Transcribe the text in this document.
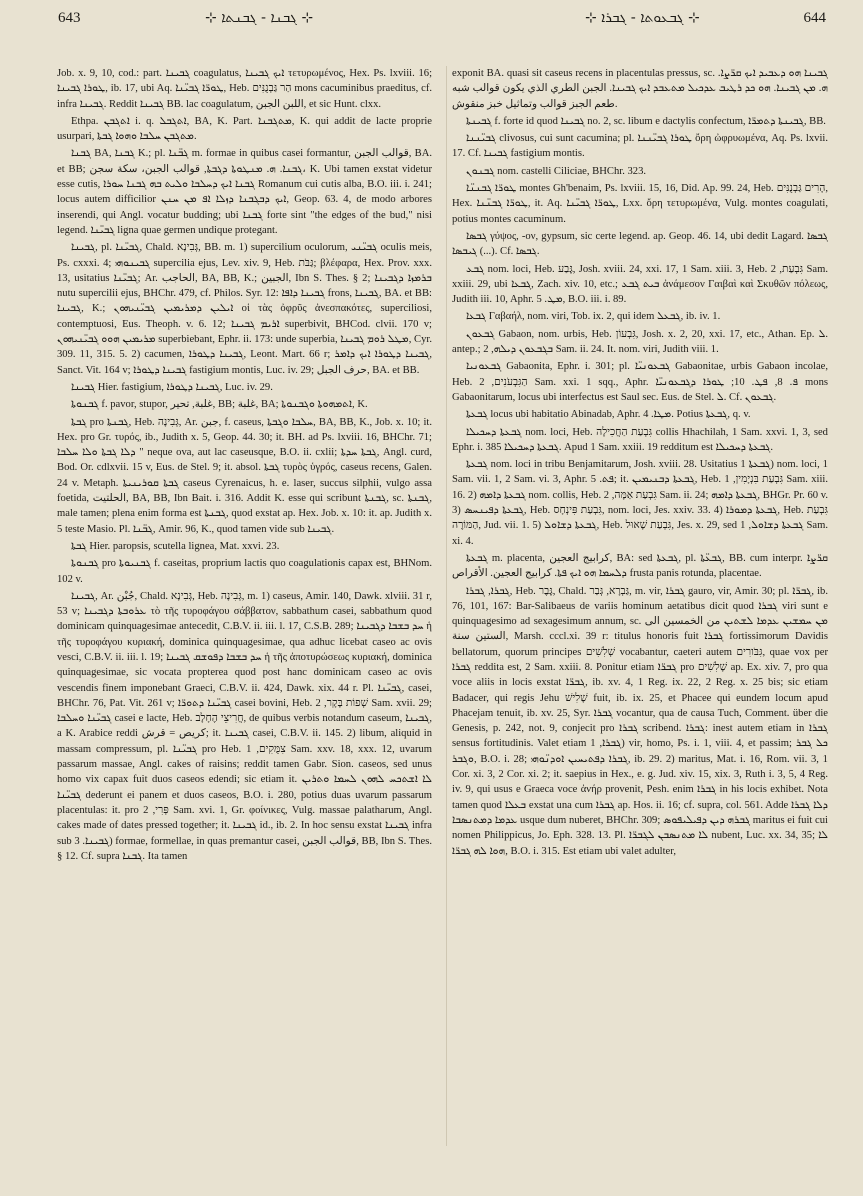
643	⊹ ܓܒܢܐ - ܓܒܢܬܐ ⊹	⊹ ܓܒܥܘܬܐ - ܓܒܪܐ ⊹	644

Job. x. 9, 10, cod.: part. ܓܒܝܢܐ coagulatus, ܐܝܟ ܓܒܝܢܐ τετυρωμένος, Hex. Ps. lxviii. 16; ܛܘܪܐ ܓܒܝܢܐ, ib. 17, ubi Aq. ܛܘܪ̈ܐ ܓܒܝ̈ܢܐ, Heb. הַר גַּבְנֻנִּים mons cacuminibus praeditus, cf. infra ܓܒܝܢܐ. Reddit ܓܒܝܢܐ BB. lac coagulatum, اللبن الجبن, et sic Hunt. clxx.

Ethpa. ܐܬܓܒܢ i. q. ܐܬܓܒܠ, BA, K. Part. ܡܬܓܒܢܐ, K. qui addit de lacte proprie usurpari, ܡܬܓܒܢ ܚܠܒܐ ܘܗܘܐ ܓܒܬܐ.

ܓܒܢܐ BA, ܓܒܢܐ K.; pl. ܓܒ̈ܢܐ m. formae in quibus casei formantur, قوالب الجبن, BA. et BB; ܓܒܢܐ. ܗ. ܡܢܛܘܬܐ ܕܓܒܬܐ, قوالب الجبن، سكة سجن، K. Ubi tamen exstat videtur esse cutis, ܓܒܢܐ ܐܝܟ ܕܚܠܒܐ ܘܠܝܬ ܒܗ ܓܒܢܐ ܚܘܪܐ Romanum cui cutis alba, B.O. iii. i. 241; locus autem difficilior ܐܝܟ ܕܒܓܒܢܐ ܕܙܠܐ ܐܦ ܡܢ ܚܢܢ, Geop. 63. 4, de modo arbores inserendi, qui Angl. vocatur budding; ubi ܓܒܢܐ forte sint "the edges of the bud," nisi legend. ܓܒܝ̈ܢܐ ligna quae germen undique protegant.

ܓܒܝܢܐ, pl. ܓܒܝ̈ܢܐ, Chald. גְּבִינָא, BB. m. 1) supercilium oculorum, ܓܒܝ̈ܢܝ oculis meis, Ps. cxxxi. 4; ܓܒܝܢܘܗܝ supercilia ejus, Lev. xiv. 9, Heb. גַּבֹּת; βλέφαρα, Hex. Prov. xxx. 13, usitatius ܓܒܝ̈ܢܐ; Ar. الحاجب, BA, BB, K.; الجبين, Ibn S. Thes. § 2; ܒܪܡܙܐ ܕܓܒܝܢܐ nutu supercilii ejus, BHChr. 479, cf. Philos. Syr. 12: ܓܒܝܢܐ ܕܐܦܐ frons, ܓܒܝܢܐ, BA. et BB: ܓܒܝܢܐ, K.; ܐܝܠܝܢ ܕܡܪܝܡܝܢ ܓܒܝ̈ܢܝܗܘܢ οἱ τὰς ὀφρῦς ἀνεσπακότες, superciliosi, contemptuosi, Eus. Theoph. v. 6. 12; ܐܪܝܡ ܓܒܝܢܐ superbivit, BHCod. clvii. 170 v; ܡܪܝܡܝܢ ܗܘܘ ܓܒܝ̈ܢܝܗܘܢ superbiebant, Ephr. ii. 173: unde superbia, ܡܛܠ ܪܘܡ ܓܒܝܢܐ, Cyr. 309. 11, 315. 5. 2) cacumen, ܓܒܝܢܐ ܕܛܘܪܐ, Leont. Mart. 66 r; ܓܒܝܢܐ ܕܛܘܪܐ ܐܝܟ ܕܐܡܪ, Sanct. Vit. 164 v; ܓܒܝܢܐ ܕܛܘܪܐ fastigium montis, Luc. iv. 29; حرف الجبل, BA. et BB.

ܓܒܝܢܐ Hier. fastigium, ܓܒܝܢܐ ܕܛܘܪܐ, Luc. iv. 29.

ܓܒܢܘܬܐ f. pavor, stupor, غلبة, تحير, BB; غلبة, BA; ܐܬܡܗܘܬܐ ܘܓܒܢܘܬܐ, K.

ܓܒܬܐ pro ܓܒܢܬܐ, Heb. גְּבִינָה, Ar. جبن, f. caseus, ܚܠܒܐ ܘܓܒܬܐ, BA, BB, K., Job. x. 10; it. Hex. pro Gr. τυρός, ib., Judith x. 5, Geop. 44. 30; it. BH. ad Ps. lxviii. 16, BHChr. 71; ܕܠܐ ܓܒܬܐ ܘܠܐ ܚܠܒܐ " neque ova, aut lac caseusque, B.O. ii. cxlii; ܓܒܬܐ ܚܕܬܐ, Angl. curd, Bod. Or. cdlxvii. 15 v, Eus. de Stel. 9; it. absol. ܓܒܬܐ τυρὸς ὑγρός, caseus recens, Galen. 24 v. Metaph. ܓܒܬܐ ܩܘܪܝܢܝܬܐ caseus Cyrenaicus, h. e. laser, succus silphii, vulgo assa foetida, الحلتيت, BA, BB, Ibn Bait. i. 316. Addit K. esse qui scribunt ܓܒܢܬܐ, sc. ܓܒܢܬܐ, male tamen; plena enim forma est ܓܒܢܬܐ, quod exstat ap. Hex. Job. x. 10: it. ap. Judith x. 5 teste Masio. Pl. ܓܒ̈ܢܐ, Amir. 96, K., quod tamen vide sub ܓܒܝܢܐ.

ܓܒܬܐ Hier. paropsis, scutella lignea, Mat. xxvi. 23.

ܓܒܢܘܬܐ pro ܓܒܢܝܘܬܐ f. caseitas, proprium lactis quo coagulationis capax est, BHNom. 102 v.

ܓܒܝܢܐ, Ar. جُبْن, Chald. גְּבִינָא, Heb. גְּבִינָה, m. 1) caseus, Amir. 140, Dawk. xlviii. 31 r, 53 v; ܥܪܘܒܬܐ ܕܓܒܝܢܐ τὸ τῆς τυροφάγου σάββατον, sabbathum casei, sabbathum quod dominicam quinquagesimae antecedit, C.B.V. ii. iii. l. 17, C.S.B. 289; ܚܕ ܒܫܒܐ ܕܓܒܝܢܐ ἡ τῆς τυροφάγου κυριακή, dominica quinquagesimae, qua adhuc licebat caseo ac ovis vesci, C.B.V. ii. iii. l. 19; ܚܕ ܒܫܒܐ ܕܦܘܫܩ ܓܒܝܢܐ ἡ τῆς ἀποτυρώσεως κυριακή, dominica quinquagesimae, sic vocata propterea quod post hanc dominicam caseo ac ovis vescendis finem imponebant Graeci, C.B.V. ii. 424, Dawk. xix. 44 r. Pl. ܓܒܝ̈ܢܐ, casei, BHChr. 76, Pat. Vit. 261 v; ܓܒܝ̈ܢܐ ܕܬܘܪ̈ܐ casei bovini, Heb. שְׁפוֹת בָּקָר, 2 Sam. xvii. 29; ܓܒܝ̈ܢܐ ܘܚܠܒܐ casei e lacte, Heb. חֲרִיצֵי הֶחָלָב, de quibus verbis notandum caseum, ܓܒܝܢܐ, a K. Arabice reddi كريص = قرش; it. ܓܒܝܢܐ casei, C.B.V. ii. 145. 2) libum, aliquid in massam compressum, pl. ܓܒܝ̈ܢܐ pro Heb. צִמֻּקִים, 1 Sam. xxv. 18, xxx. 12, uvarum passarum massae, Angl. cakes of raisins; reddit tamen Gabr. Sion. caseos, sed unus homo vix capax fuit duos caseos edendi; sic etiam it. ܠܐ ܐܫܬܟܚ ܠܗܘܢ ܠܚܡܐ ܘܬܪܝܢ ܓܒܝ̈ܢܐ dederunt ei panem et duos caseos, B.O. i. 280, potius duas uvarum passarum placentulas: it. pro פְּרִי, 2 Sam. xvi. 1, Gr. φοίνικες, Vulg. massae palatharum, Angl. cakes made of dates pressed together; it. ܓܒܝܢܐ id., ib. 2. In hoc sensu exstat ܓܒܝܢܐ infra sub ܓܒܝܢܐ. 3) formae, formellae, in quas premantur casei, قوالب الجبن, BB, Ibn S. Thes. § 12. Cf. supra ܓܒܢܐ. Ita tamen

exponit BA. quasi sit caseus recens in placentulas pressus, sc. ܓܒܝܢܐ ܗܘ ܕܥܒܝܕ ܐܝܟ ܩܪ̈ܨܐ. ܗ. ܡܢ ܓܒܝܢܐ. ܗܘ ܟܕ ܪܛܝܒ ܥܕܟܝܠ ܡܬܥܒܕ ܐܝܟ ܓܒܝܢܐ. الجبن الطري الذي يكون قوالب شبه طعم الجبز قوالب وتماثيل خبز منقوش.

ܓܒܝܢܬܐ f. forte id quod ܓܒܝܢܐ no. 2, sc. libum e dactylis confectum, ܓܒܝܢܬܐ ܕܬܡܪ̈ܐ, BB.

ܓܒܝ̈ܢܢܐ clivosus, cui sunt cacumina; pl. ܛܘܪܐ ܓܒܝ̈ܢܢܐ ὄρη ὠφρυωμένα, Aq. Ps. lxvii. 17. Cf. ܓܒܝܢܐ fastigium montis.

ܓܒܢܘܢ nom. castelli Ciliciae, BHChr. 323.

ܛܘܪ̈ܐ ܓܒܢܢ̈ܐ montes Gh'benaim, Ps. lxviii. 15, 16, Did. Ap. 99. 24, Heb. הָרִים גַּבְנֻנִּים, Hex. ܛܘܪ̈ܐ ܓܒܢ̈ܢܐ, it. Aq. ܛܘܪ̈ܐ ܓܒܝ̈ܢܐ, Lxx. ὄρη τετυρωμένα, Vulg. montes coagulati, potius montes cacuminum.

ܓܒܣܐ γύψος, -ον, gypsum, sic certe legend. ap. Geop. 46. 14, ubi dedit Lagard. ܓܒܣܐ (...) ܓܝܒܣܐ. Cf. ܓܒܣܐ.

ܓܒܥ nom. loci, Heb. גֶּבַע, Josh. xviii. 24, xxi. 17, 1 Sam. xiii. 3, Heb. גִּבְעַת, 2 Sam. xxiii. 29, ubi ܓܒܥܐ, Zach. xiv. 10, etc.; ܒܝܬ ܓܒܥ ἀνάμεσον Γαιβαὶ καὶ Σκυθῶν πόλεως, Judith iii. 10, Aphr. ܡܛ. 5, B.O. iii. i. 89.

ܓܒܥܐ Γαβαήλ, nom. viri, Tob. ix. 2, qui idem ܓܒܥܠ, ib. iv. 1.

ܓܒܥܘܢ Gabaon, nom. urbis, Heb. גִּבְעוֹן, Josh. x. 2, 20, xxi. 17, etc., Athan. Ep. ܠ. antep.; ܒܓܒܥܘܢ ܕܝܠܗ, 2 Sam. ii. 24. It. nom. viri, Judith viii. 1.

ܓܒܥܘܢܝܐ Gabaonita, Ephr. i. 301; pl. ܓܒܥܘܢܝ̈ܐ Gabaonitae, urbis Gabaon incolae, Heb. הַגִּבְעֹנִים, 2 Sam. xxi. 1 sqq., Aphr. ܦ. 8, ܦܛ. 10; ܛܘܪܐ ܕܓܒܥܘܢܝ̈ܐ mons Gabaonitarum, locus ubi interfectus est Saul sec. Eus. de Stel. ܠ. Cf. ܓܒܥܘܢ.

ܓܒܥܬܐ locus ubi habitatio Abinadab, Aphr. ܡܛܐ. 4. Potius ܓܒܥܬܐ, q. v.

ܓܒܥܬܐ ܕܚܟܝܠܐ nom. loci, Heb. גִּבְעַת הַחֲכִילָה collis Hhachilah, 1 Sam. xxvi. 1, 3, sed Ephr. i. 385 ܓܒܥܬܐ ܕܚܟܝܠܐ. Apud 1 Sam. xxiii. 19 redditum est ܓܒܥܬܐ ܕܚܟܝܠܐ.

ܓܒܥܬܐ nom. loci in tribu Benjamitarum, Josh. xviii. 28. Usitatius ܓܒܥܬܐ 1) nom. loci, 1 Sam. vii. 1, 2 Sam. vi. 3, Aphr. ܦܬ. 5; it. ܓܒܥܬܐ ܕܒܢܝܡܝܢ, Heb. גִּבְעַת בִּנְיָמִין, 1 Sam. xiii. 16. 2) ܓܒܥܬܐ ܕܐܡܗ nom. collis, Heb. גִּבְעַת אַמָּה, 2 Sam. ii. 24; ܓܒܥܬܐ ܕܐܡܗ, BHGr. Pr. 60 v. 3) ܓܒܥܬܐ ܕܦܝܢܚܣ, Heb. גִּבְעַת פִּינְחָס, nom. loci, Jes. xxiv. 33. 4) ܓܒܥܬܐ ܕܡܘܪܐ, Heb. גִּבְעַת הַמּוֹרֶה, Jud. vii. 1. 5) ܓܒܥܬܐ ܕܫܐܘܠ, Heb. גִּבְעַת שָׁאוּל, Jes. x. 29, sed ܓܒܥܬܐ ܕܫܐܘܠ, 1 Sam. xi. 4.

ܓܒܥܬܐ m. placenta, كرابيج العجين, BA: sed ܓܒܥܬܐ, pl. ܓܒܥ̈ܬܐ, BB. cum interpr. ܩܪ̈ܨܐ ܕܠܚܡܐ ܗܘ ܐܝܟ ܦܬܐ. كرابيج العجين. الأقراص frusta panis rotunda, placentae.

ܓܒܪܐ, ܓܒܪܐ, Heb. גֶּבֶר, Chald. גַּבְרָא, גְּבַר, m. vir, ܓܒܪܐ gauro, vir, Amir. 30; pl. ܓܒܪ̈ܐ, ib. 76, 101, 167: Bar-Salibaeus de variis hominum aetatibus dicit quod ܓܒܪܐ viri sunt e quinquagesimo ad sexagesimum annum, sc. ܡܢ ܚܡܫܝܢ ܥܕܡܐ ܠܫܬܝܢ من الخمسين الى الستين سنة, Marsh. cccl.xi. 39 r: titulus honoris fuit ܓܒܪܐ fortissimorum Davidis bellatorum, quorum principes שְׁלִשִׁים vocabantur, caeteri autem גִּבֹּורִים, quae vox per ܓܒܪܐ reddita est, 2 Sam. xxiii. 8. Ponitur etiam ܓܒܪ̈ܐ pro שָׁלִשִׁים ap. Ex. xiv. 7, pro qua voce aliis in locis exstat ܓܒܪ̈ܐ, ib. xv. 4, 1 Reg. ix. 22, 2 Reg. x. 25 bis; sic etiam Badacer, qui regis Jehu שָׁלִישׁ fuit, ib. ix. 25, et Phacee qui eundem locum apud Phacejam tenuit, ib. xv. 25, Syr. ܓܒܪܐ vocantur, qua de causa Tuch, Comment. über die Genesis, p. 242, not. 9, conjecit pro ܓܒܪܐ scribend. ܓܒܪܐ: inest autem etiam in ܓܒܪܐ sensus fortitudinis. Valet etiam ܓܒܪܐ, 1) vir, homo, Ps. i. 1, viii. 4, et passim; ܟܠ ܓܒܪ ܘܓܒܪ, B.O. i. 28; ܓܒܪܐ ܕܦܬܝܚܝܢ ܐܘܕܢ̈ܘܗܝ, ib. 29. 2) maritus, Mat. i. 16, Rom. vii. 3, 1 Cor. xi. 3, 2 Cor. xi. 2; it. saepius in Hex., e. g. Jud. xiv. 15, xix. 3, Ruth i. 3, 5, 4 Reg. iv. 9, qui usus e Graeca voce ἀνήρ provenit, Pesh. enim ܓܒܪܐ in his locis exhibet. Nota tamen quod ܒܥܠܐ exstat una cum ܓܒܪܐ ap. Hos. ii. 16; cf. supra, col. 561. Adde ܕܠܐ ܓܒܪܐ ܥܕܡܐ ܕܡܬܢܣܒܐ usque dum nuberet, BHChr. 309; ܓܒܪܗ ܕܝܢ ܕܦܝܠܝܦܘܣ maritus ei fuit cui nomen Philippicus, Jo. Eph. 328. 13. Pl. ܠܐ ܡܬܢܣܒܢ ܠܓܒܪ̈ܐ nubent, Luc. xx. 34, 35; ܠܐ ܗܘܐ ܠܗ ܓܒܪ̈ܐ, B.O. i. 315. Est etiam ubi valet adulter,
